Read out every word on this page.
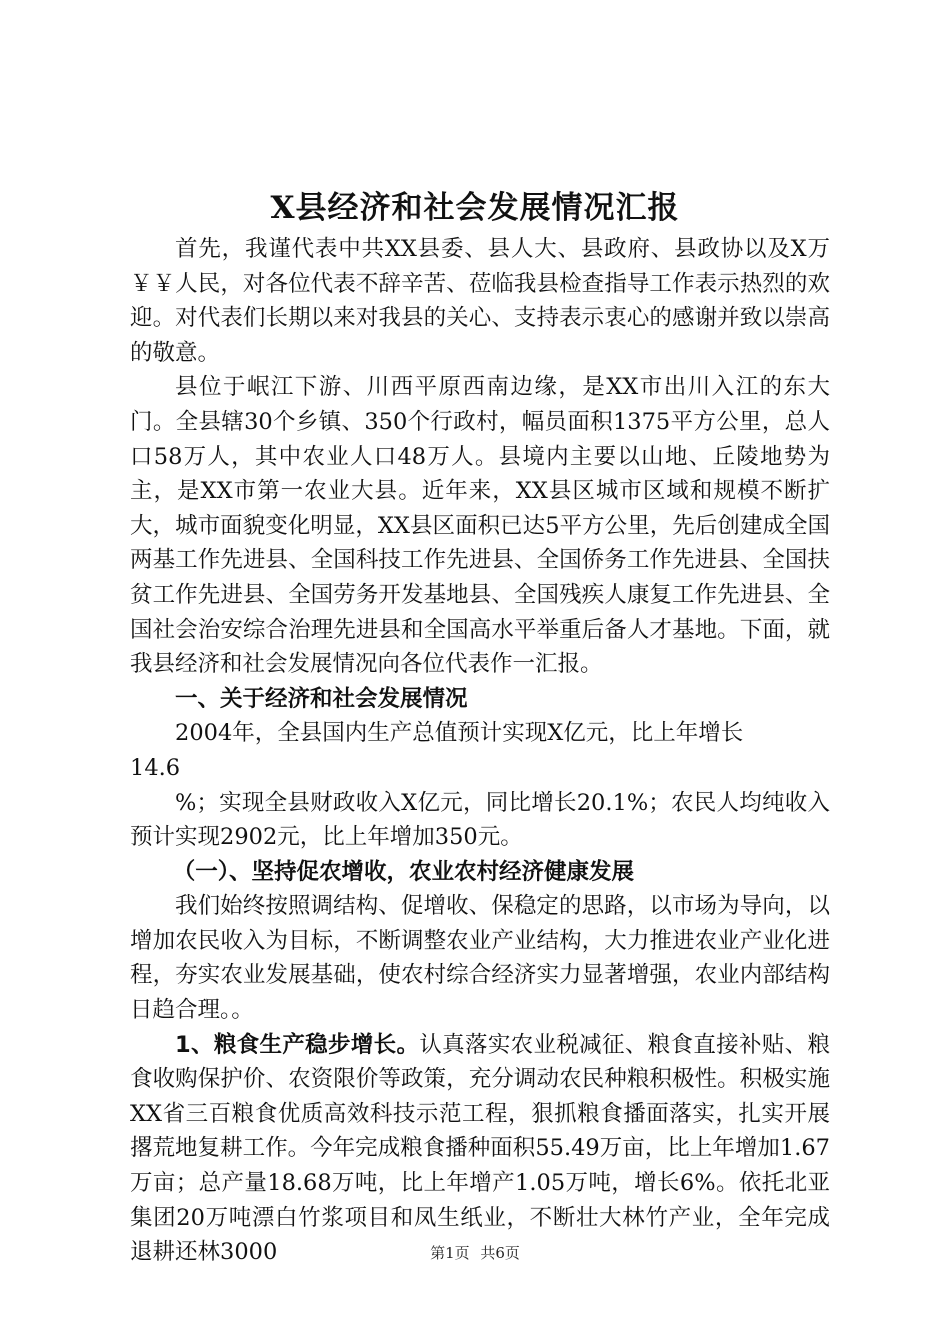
X县经济和社会发展情况汇报

首先，我谨代表中共XX县委、县人大、县政府、县政协以及X万￥￥人民，对各位代表不辞辛苦、莅临我县检查指导工作表示热烈的欢迎。对代表们长期以来对我县的关心、支持表示衷心的感谢并致以崇高的敬意。

县位于岷江下游、川西平原西南边缘，是XX市出川入江的东大门。全县辖30个乡镇、350个行政村，幅员面积1375平方公里，总人口58万人，其中农业人口48万人。县境内主要以山地、丘陵地势为主，是XX市第一农业大县。近年来，XX县区城市区域和规模不断扩大，城市面貌变化明显，XX县区面积已达5平方公里，先后创建成全国两基工作先进县、全国科技工作先进县、全国侨务工作先进县、全国扶贫工作先进县、全国劳务开发基地县、全国残疾人康复工作先进县、全国社会治安综合治理先进县和全国高水平举重后备人才基地。下面，就我县经济和社会发展情况向各位代表作一汇报。

一、关于经济和社会发展情况

2004年，全县国内生产总值预计实现X亿元，比上年增长

14.6

%；实现全县财政收入X亿元，同比增长20.1%；农民人均纯收入预计实现2902元，比上年增加350元。

（一）、坚持促农增收，农业农村经济健康发展

我们始终按照调结构、促增收、保稳定的思路，以市场为导向，以增加农民收入为目标，不断调整农业产业结构，大力推进农业产业化进程，夯实农业发展基础，使农村综合经济实力显著增强，农业内部结构日趋合理。。

1、粮食生产稳步增长。认真落实农业税减征、粮食直接补贴、粮食收购保护价、农资限价等政策，充分调动农民种粮积极性。积极实施XX省三百粮食优质高效科技示范工程，狠抓粮食播面落实，扎实开展撂荒地复耕工作。今年完成粮食播种面积55.49万亩，比上年增加1.67万亩；总产量18.68万吨，比上年增产1.05万吨，增长6%。依托北亚集团20万吨漂白竹浆项目和凤生纸业，不断壮大林竹产业，全年完成退耕还林3000	第1页 共6页
